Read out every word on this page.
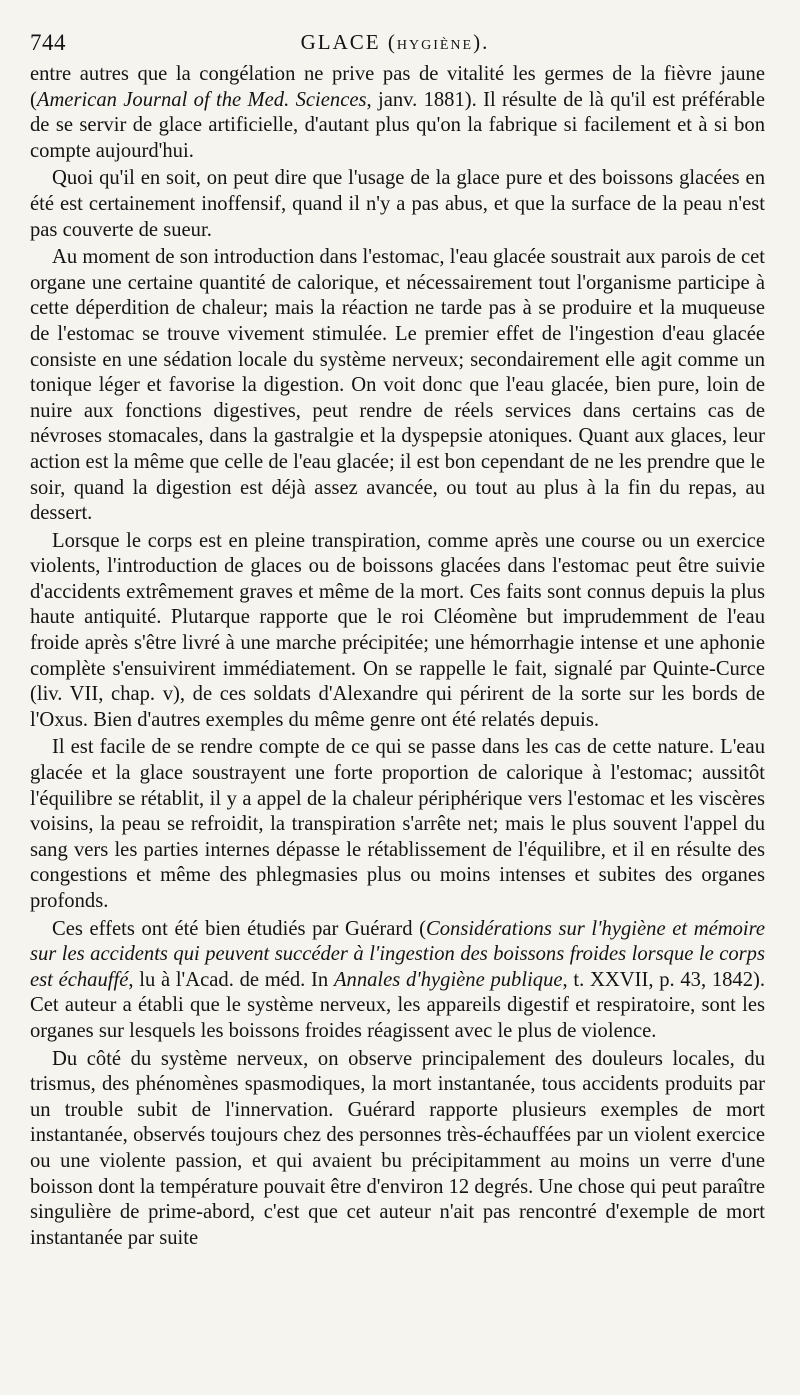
744	GLACE (HYGIÈNE).

entre autres que la congélation ne prive pas de vitalité les germes de la fièvre jaune (American Journal of the Med. Sciences, janv. 1881). Il résulte de là qu'il est préférable de se servir de glace artificielle, d'autant plus qu'on la fabrique si facilement et à si bon compte aujourd'hui.

Quoi qu'il en soit, on peut dire que l'usage de la glace pure et des boissons glacées en été est certainement inoffensif, quand il n'y a pas abus, et que la surface de la peau n'est pas couverte de sueur.

Au moment de son introduction dans l'estomac, l'eau glacée soustrait aux parois de cet organe une certaine quantité de calorique, et nécessairement tout l'organisme participe à cette déperdition de chaleur; mais la réaction ne tarde pas à se produire et la muqueuse de l'estomac se trouve vivement stimulée. Le premier effet de l'ingestion d'eau glacée consiste en une sédation locale du système nerveux; secondairement elle agit comme un tonique léger et favorise la digestion. On voit donc que l'eau glacée, bien pure, loin de nuire aux fonctions digestives, peut rendre de réels services dans certains cas de névroses stomacales, dans la gastralgie et la dyspepsie atoniques. Quant aux glaces, leur action est la même que celle de l'eau glacée; il est bon cependant de ne les prendre que le soir, quand la digestion est déjà assez avancée, ou tout au plus à la fin du repas, au dessert.

Lorsque le corps est en pleine transpiration, comme après une course ou un exercice violents, l'introduction de glaces ou de boissons glacées dans l'estomac peut être suivie d'accidents extrêmement graves et même de la mort. Ces faits sont connus depuis la plus haute antiquité. Plutarque rapporte que le roi Cléomène but imprudemment de l'eau froide après s'être livré à une marche précipitée; une hémorrhagie intense et une aphonie complète s'ensuivirent immédiatement. On se rappelle le fait, signalé par Quinte-Curce (liv. VII, chap. v), de ces soldats d'Alexandre qui périrent de la sorte sur les bords de l'Oxus. Bien d'autres exemples du même genre ont été relatés depuis.

Il est facile de se rendre compte de ce qui se passe dans les cas de cette nature. L'eau glacée et la glace soustrayent une forte proportion de calorique à l'estomac; aussitôt l'équilibre se rétablit, il y a appel de la chaleur périphérique vers l'estomac et les viscères voisins, la peau se refroidit, la transpiration s'arrête net; mais le plus souvent l'appel du sang vers les parties internes dépasse le rétablissement de l'équilibre, et il en résulte des congestions et même des phlegmasies plus ou moins intenses et subites des organes profonds.

Ces effets ont été bien étudiés par Guérard (Considérations sur l'hygiène et mémoire sur les accidents qui peuvent succéder à l'ingestion des boissons froides lorsque le corps est échauffé, lu à l'Acad. de méd. In Annales d'hygiène publique, t. XXVII, p. 43, 1842). Cet auteur a établi que le système nerveux, les appareils digestif et respiratoire, sont les organes sur lesquels les boissons froides réagissent avec le plus de violence.

Du côté du système nerveux, on observe principalement des douleurs locales, du trismus, des phénomènes spasmodiques, la mort instantanée, tous accidents produits par un trouble subit de l'innervation. Guérard rapporte plusieurs exemples de mort instantanée, observés toujours chez des personnes très-échauffées par un violent exercice ou une violente passion, et qui avaient bu précipitamment au moins un verre d'une boisson dont la température pouvait être d'environ 12 degrés. Une chose qui peut paraître singulière de prime-abord, c'est que cet auteur n'ait pas rencontré d'exemple de mort instantanée par suite
